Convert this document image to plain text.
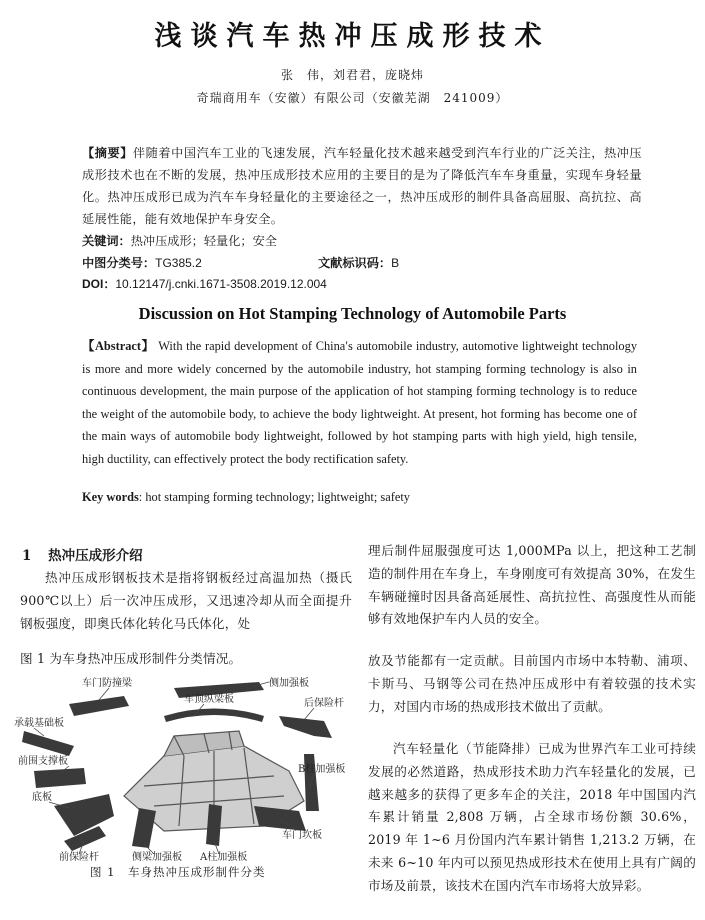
浅谈汽车热冲压成形技术
张　伟，刘君君，庞晓炜
奇瑞商用车（安徽）有限公司（安徽芜湖　241009）
【摘要】伴随着中国汽车工业的飞速发展，汽车轻量化技术越来越受到汽车行业的广泛关注，热冲压成形技术也在不断的发展，热冲压成形技术应用的主要目的是为了降低汽车车身重量，实现车身轻量化。热冲压成形已成为汽车车身轻量化的主要途径之一，热冲压成形的制件具备高屈服、高抗拉、高延展性能，能有效地保护车身安全。
关键词：热冲压成形；轻量化；安全
中图分类号：TG385.2	文献标识码：B
DOI：10.12147/j.cnki.1671-3508.2019.12.004
Discussion on Hot Stamping Technology of Automobile Parts
【Abstract】 With the rapid development of China′s automobile industry, automotive lightweight technology is more and more widely concerned by the automobile industry, hot stamping forming technology is also in continuous development, the main purpose of the application of hot stamping forming technology is to reduce the weight of the automobile body, to achieve the body lightweight. At present, hot forming has become one of the main ways of automobile body lightweight, followed by hot stamping parts with high yield, high tensile, high ductility, can effectively protect the body rectification safety.
Key words: hot stamping forming technology; lightweight; safety
1 热冲压成形介绍

热冲压成形钢板技术是指将钢板经过高温加热（摄氏 900℃以上）后一次冲压成形，又迅速冷却从而全面提升钢板强度，即奥氏体化转化马氏体化，处

图 1 为车身热冲压成形制件分类情况。

车门防撞梁	侧加强板
车顶纵梁板	后保险杆
承载基础板
B柱加强板
前围支撑板
底板
车门坎板
前保险杆	侧梁加强板 A柱加强板
图 1　车身热冲压成形制件分类

理后制件屈服强度可达 1,000MPa 以上，把这种工艺制造的制件用在车身上，车身刚度可有效提高 30%，在发生车辆碰撞时因具备高延展性、高抗拉性、高强度性从而能够有效地保护车内人员的安全。

放及节能都有一定贡献。目前国内市场中本特勒、浦项、卡斯马、马钢等公司在热冲压成形中有着较强的技术实力，对国内市场的热成形技术做出了贡献。

汽车轻量化（节能降排）已成为世界汽车工业可持续发展的必然道路，热成形技术助力汽车轻量化的发展，已越来越多的获得了更多车企的关注，2018 年中国国内汽车累计销量 2,808 万辆，占全球市场份额 30.6%，2019 年 1~6 月份国内汽车累计销售 1,213.2 万辆，在未来 6~10 年内可以预见热成形技术在使用上具有广阔的市场及前景，该技术在国内汽车市场将大放异彩。
